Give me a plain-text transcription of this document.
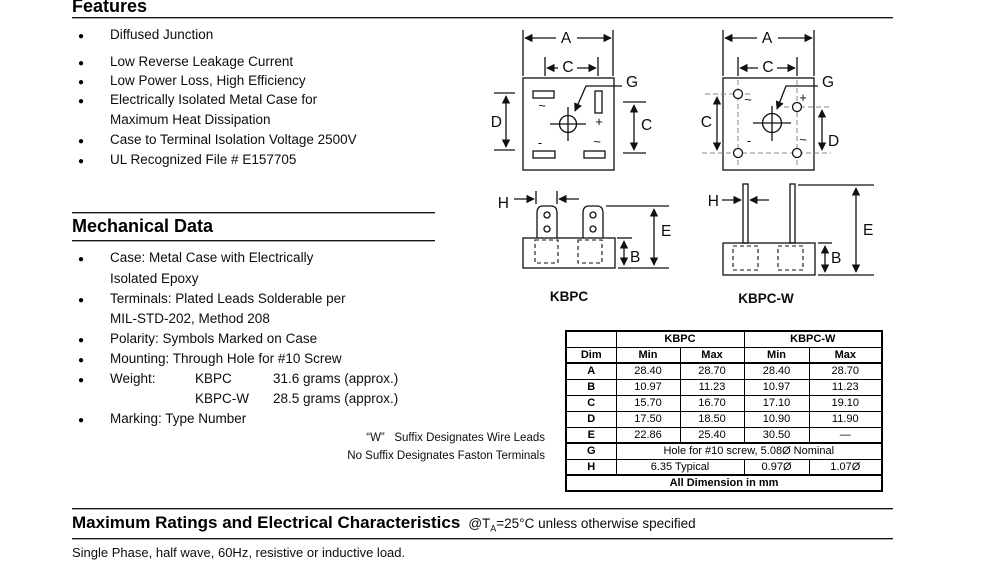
Features
● Diffused Junction
● Low Reverse Leakage Current
● Low Power Loss, High Efficiency
● Electrically Isolated Metal Case for
Maximum Heat Dissipation
● Case to Terminal Isolation Voltage 2500V
● UL Recognized File # E157705
Mechanical Data
● Case: Metal Case with Electrically
Isolated Epoxy
● Terminals: Plated Leads Solderable per
MIL-STD-202, Method 208
● Polarity: Symbols Marked on Case
● Mounting: Through Hole for #10 Screw
● Weight:	KBPC	31.6 grams (approx.)
KBPC-W 28.5 grams (approx.)
● Marking: Type Number
“W”   Suffix Designates Wire Leads
No Suffix Designates Faston Terminals
A
C
G
A
C
G
~
+
-	~
~	+
-	~
KBPC	KBPC-W
D	C
H	H
C
D
E
B
E
B
	KBPC		KBPC-W	
Dim	Min	Max	Min	Max
A	28.40	28.70	28.40	28.70
B	10.97	11.23	10.97	11.23
C	15.70	16.70	17.10	19.10
D	17.50	18.50	10.90	11.90
E	22.86	25.40	30.50	—
G	Hole for #10 screw, 5.08Ø Nominal			
H	6.35 Typical		0.97Ø	1.07Ø
All Dimension in mm				
Maximum Ratings and Electrical Characteristics $@T_A=25^\circ C$ unless otherwise specified
Single Phase, half wave, 60Hz, resistive or inductive load.
